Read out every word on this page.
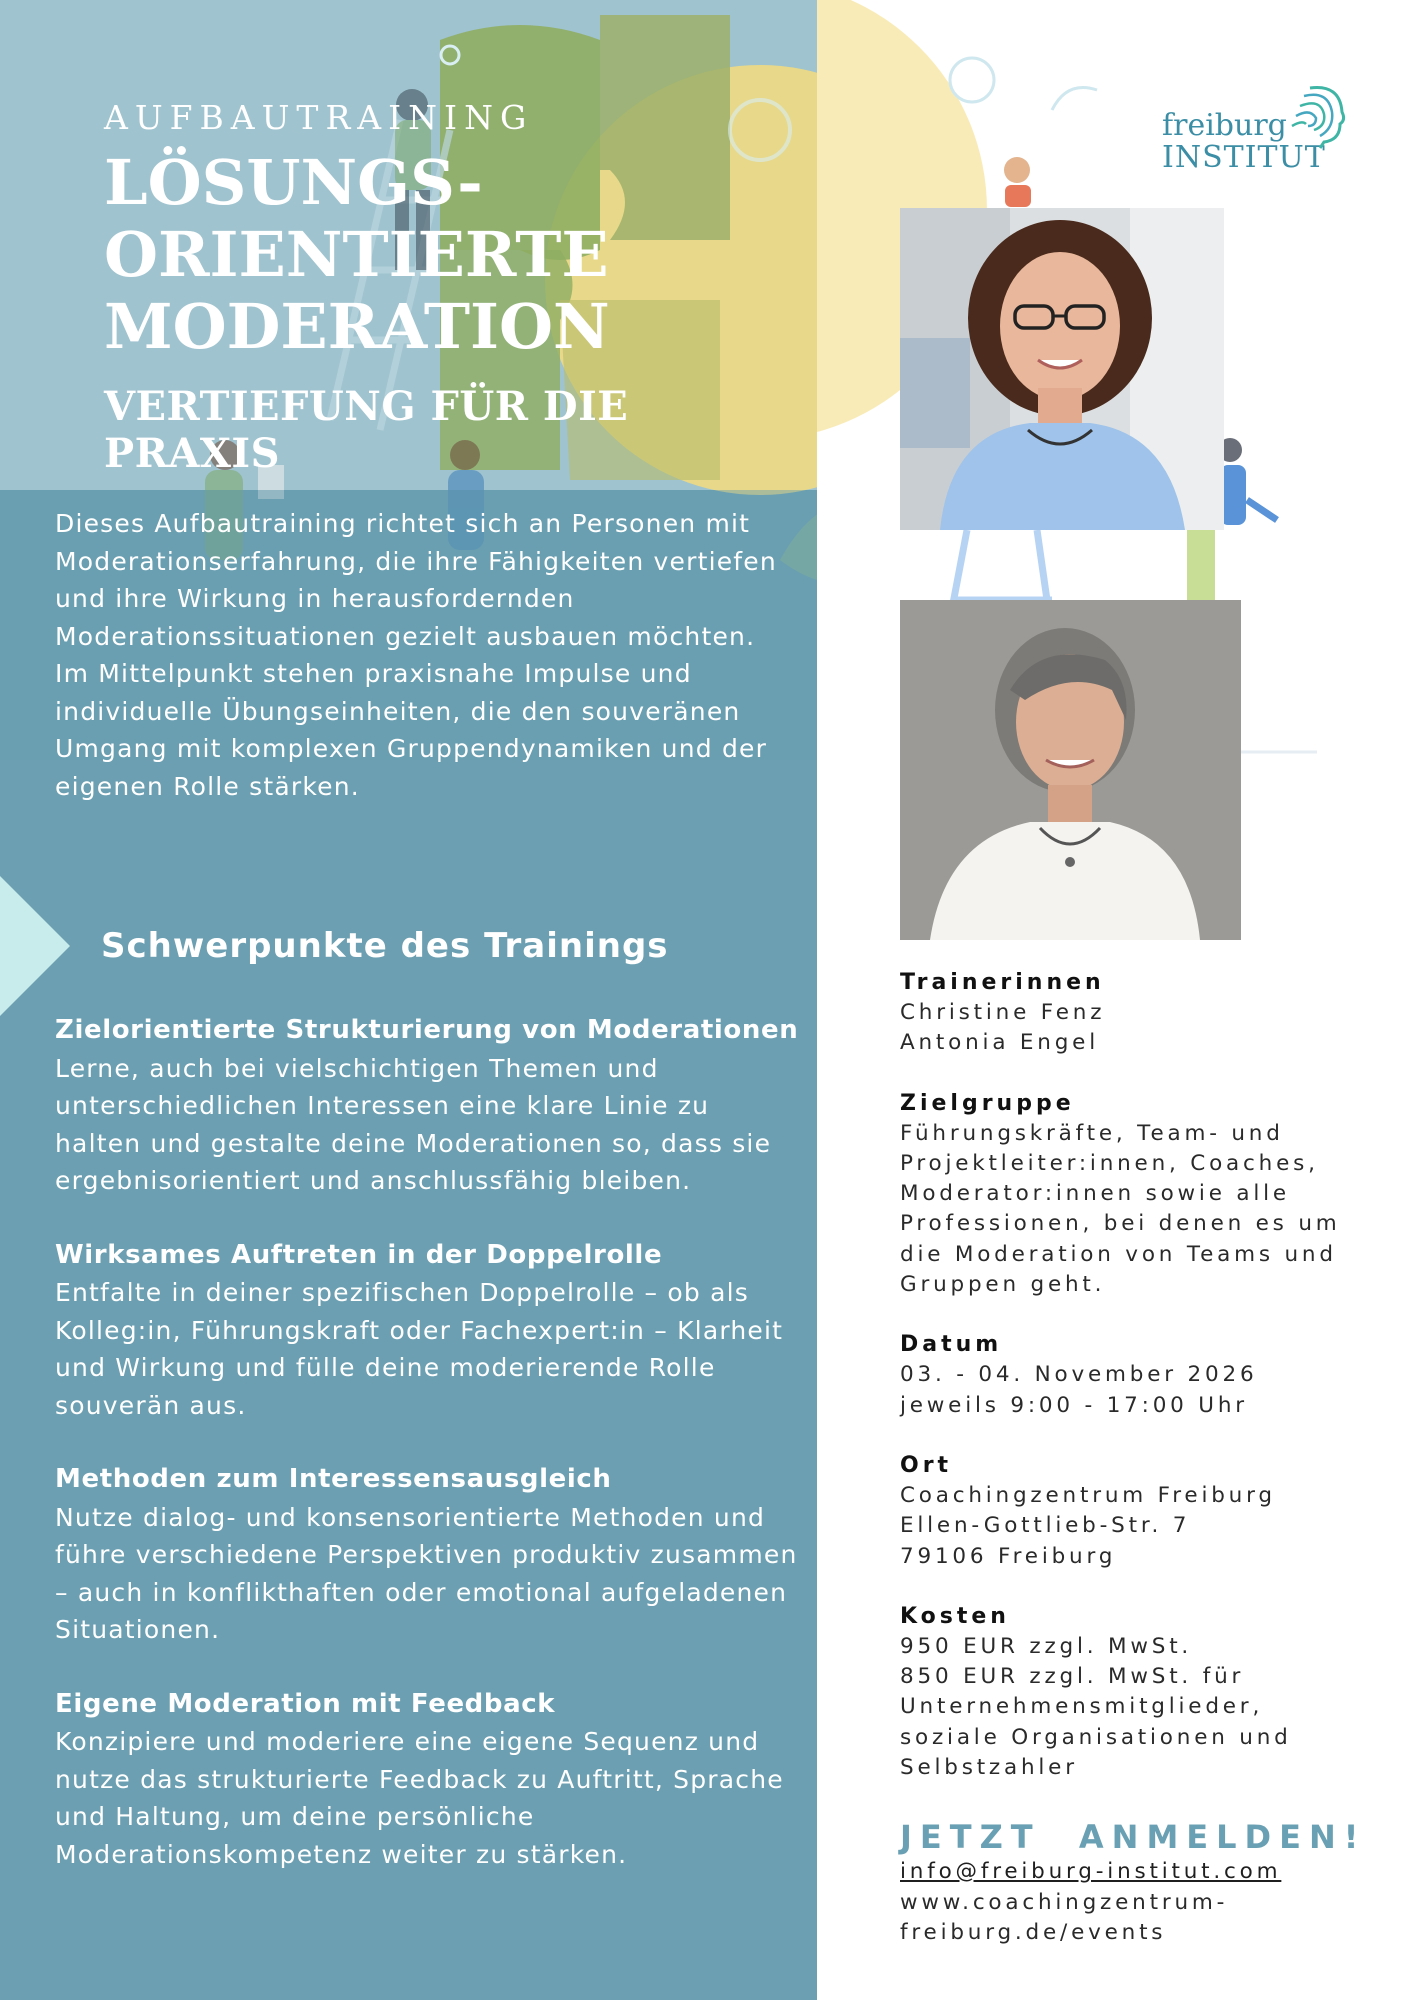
AUFBAUTRAINING
LÖSUNGS-
ORIENTIERTE
MODERATION
VERTIEFUNG FÜR DIE PRAXIS

Dieses Aufbautraining richtet sich an Personen mit Moderationserfahrung, die ihre Fähigkeiten vertiefen und ihre Wirkung in herausfordernden Moderationssituationen gezielt ausbauen möchten.

Im Mittelpunkt stehen praxisnahe Impulse und individuelle Übungseinheiten, die den souveränen Umgang mit komplexen Gruppendynamiken und der eigenen Rolle stärken.

Schwerpunkte des Trainings
Zielorientierte Strukturierung von Moderationen
Lerne, auch bei vielschichtigen Themen und unterschiedlichen Interessen eine klare Linie zu halten und gestalte deine Moderationen so, dass sie ergebnisorientiert und anschlussfähig bleiben.
Wirksames Auftreten in der Doppelrolle
Entfalte in deiner spezifischen Doppelrolle – ob als Kolleg:in, Führungskraft oder Fachexpert:in – Klarheit und Wirkung und fülle deine moderierende Rolle souverän aus.
Methoden zum Interessensausgleich
Nutze dialog- und konsensorientierte Methoden und führe verschiedene Perspektiven produktiv zusammen – auch in konflikthaften oder emotional aufgeladenen Situationen.
Eigene Moderation mit Feedback
Konzipiere und moderiere eine eigene Sequenz und nutze das strukturierte Feedback zu Auftritt, Sprache und Haltung, um deine persönliche Moderationskompetenz weiter zu stärken.
freiburg
INSTITUT
Trainerinnen
Christine Fenz
Antonia Engel
Zielgruppe
Führungskräfte, Team- und
Projektleiter:innen, Coaches,
Moderator:innen sowie alle
Professionen, bei denen es um
die Moderation von Teams und
Gruppen geht.
Datum
03. - 04. November 2026
jeweils 9:00 - 17:00 Uhr
Ort
Coachingzentrum Freiburg
Ellen-Gottlieb-Str. 7
79106 Freiburg
Kosten
950 EUR zzgl. MwSt.
850 EUR zzgl. MwSt. für
Unternehmensmitglieder,
soziale Organisationen und
Selbstzahler
JETZT  ANMELDEN!
info@freiburg-institut.com
www.coachingzentrum-
freiburg.de/events
